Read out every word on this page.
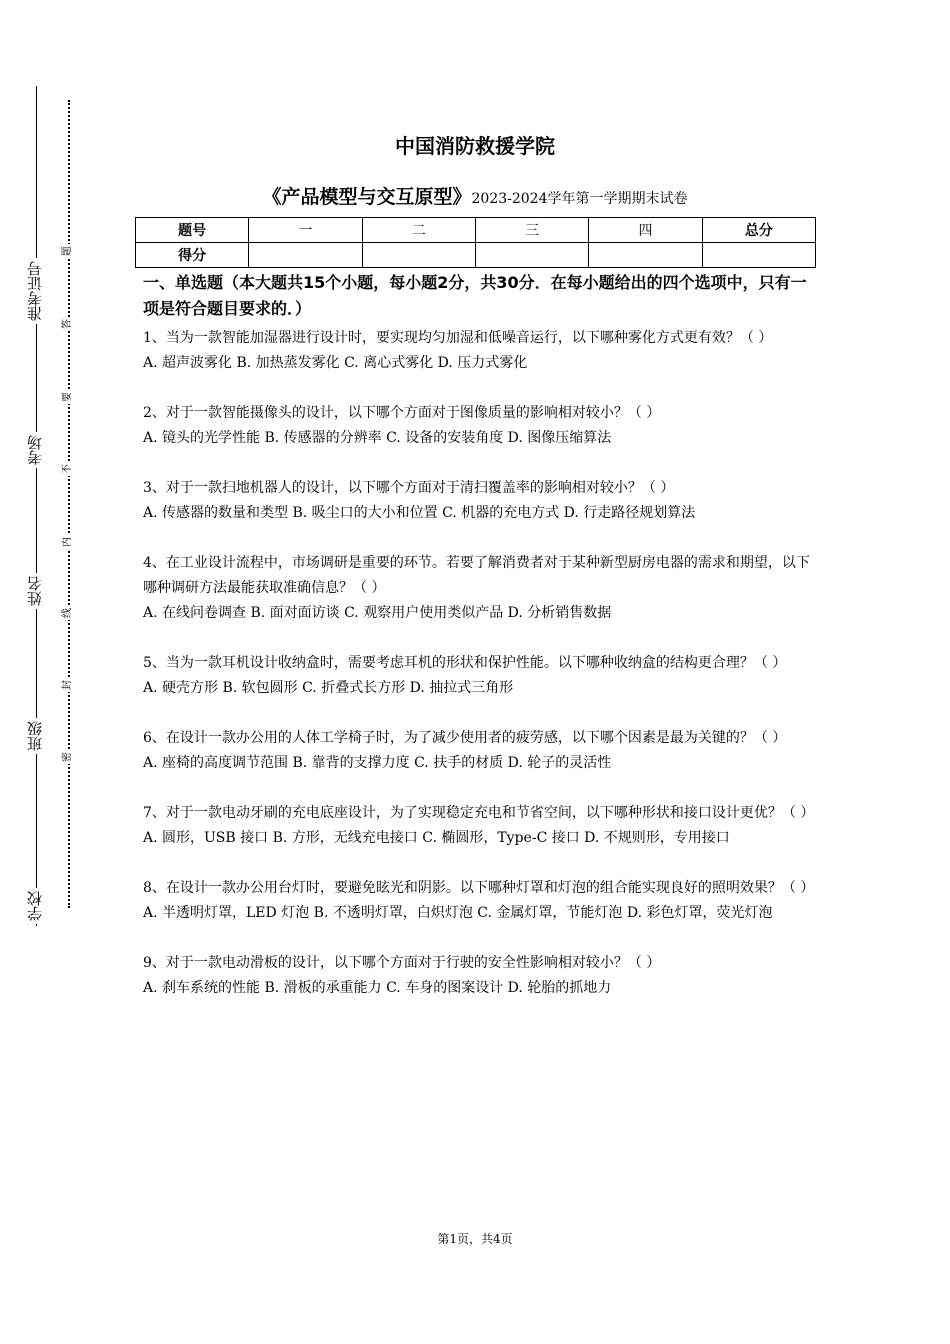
准考证号
考场
姓名
班级
学校
题
答
要
不
内
线
封
密
中国消防救援学院
《产品模型与交互原型》2023-2024学年第一学期期末试卷
题号	一	二	三	四	总分
得分					
一、单选题（本大题共15个小题，每小题2分，共30分．在每小题给出的四个选项中，只有一项是符合题目要求的．）

1、当为一款智能加湿器进行设计时，要实现均匀加湿和低噪音运行，以下哪种雾化方式更有效？（ ）

A. 超声波雾化 B. 加热蒸发雾化 C. 离心式雾化 D. 压力式雾化

2、对于一款智能摄像头的设计，以下哪个方面对于图像质量的影响相对较小？（ ）

A. 镜头的光学性能 B. 传感器的分辨率 C. 设备的安装角度 D. 图像压缩算法

3、对于一款扫地机器人的设计，以下哪个方面对于清扫覆盖率的影响相对较小？（ ）

A. 传感器的数量和类型 B. 吸尘口的大小和位置 C. 机器的充电方式 D. 行走路径规划算法

4、在工业设计流程中，市场调研是重要的环节。若要了解消费者对于某种新型厨房电器的需求和期望，以下哪种调研方法最能获取准确信息？（ ）

A. 在线问卷调查 B. 面对面访谈 C. 观察用户使用类似产品 D. 分析销售数据

5、当为一款耳机设计收纳盒时，需要考虑耳机的形状和保护性能。以下哪种收纳盒的结构更合理？（ ）

A. 硬壳方形 B. 软包圆形 C. 折叠式长方形 D. 抽拉式三角形

6、在设计一款办公用的人体工学椅子时，为了减少使用者的疲劳感，以下哪个因素是最为关键的？（ ）

A. 座椅的高度调节范围 B. 靠背的支撑力度 C. 扶手的材质 D. 轮子的灵活性

7、对于一款电动牙刷的充电底座设计，为了实现稳定充电和节省空间，以下哪种形状和接口设计更优？（ ）

A. 圆形，USB 接口 B. 方形，无线充电接口 C. 椭圆形，Type-C 接口 D. 不规则形，专用接口

8、在设计一款办公用台灯时，要避免眩光和阴影。以下哪种灯罩和灯泡的组合能实现良好的照明效果？（ ）

A. 半透明灯罩，LED 灯泡 B. 不透明灯罩，白炽灯泡 C. 金属灯罩，节能灯泡 D. 彩色灯罩，荧光灯泡

9、对于一款电动滑板的设计，以下哪个方面对于行驶的安全性影响相对较小？（ ）

A. 刹车系统的性能 B. 滑板的承重能力 C. 车身的图案设计 D. 轮胎的抓地力

第1页，共4页
